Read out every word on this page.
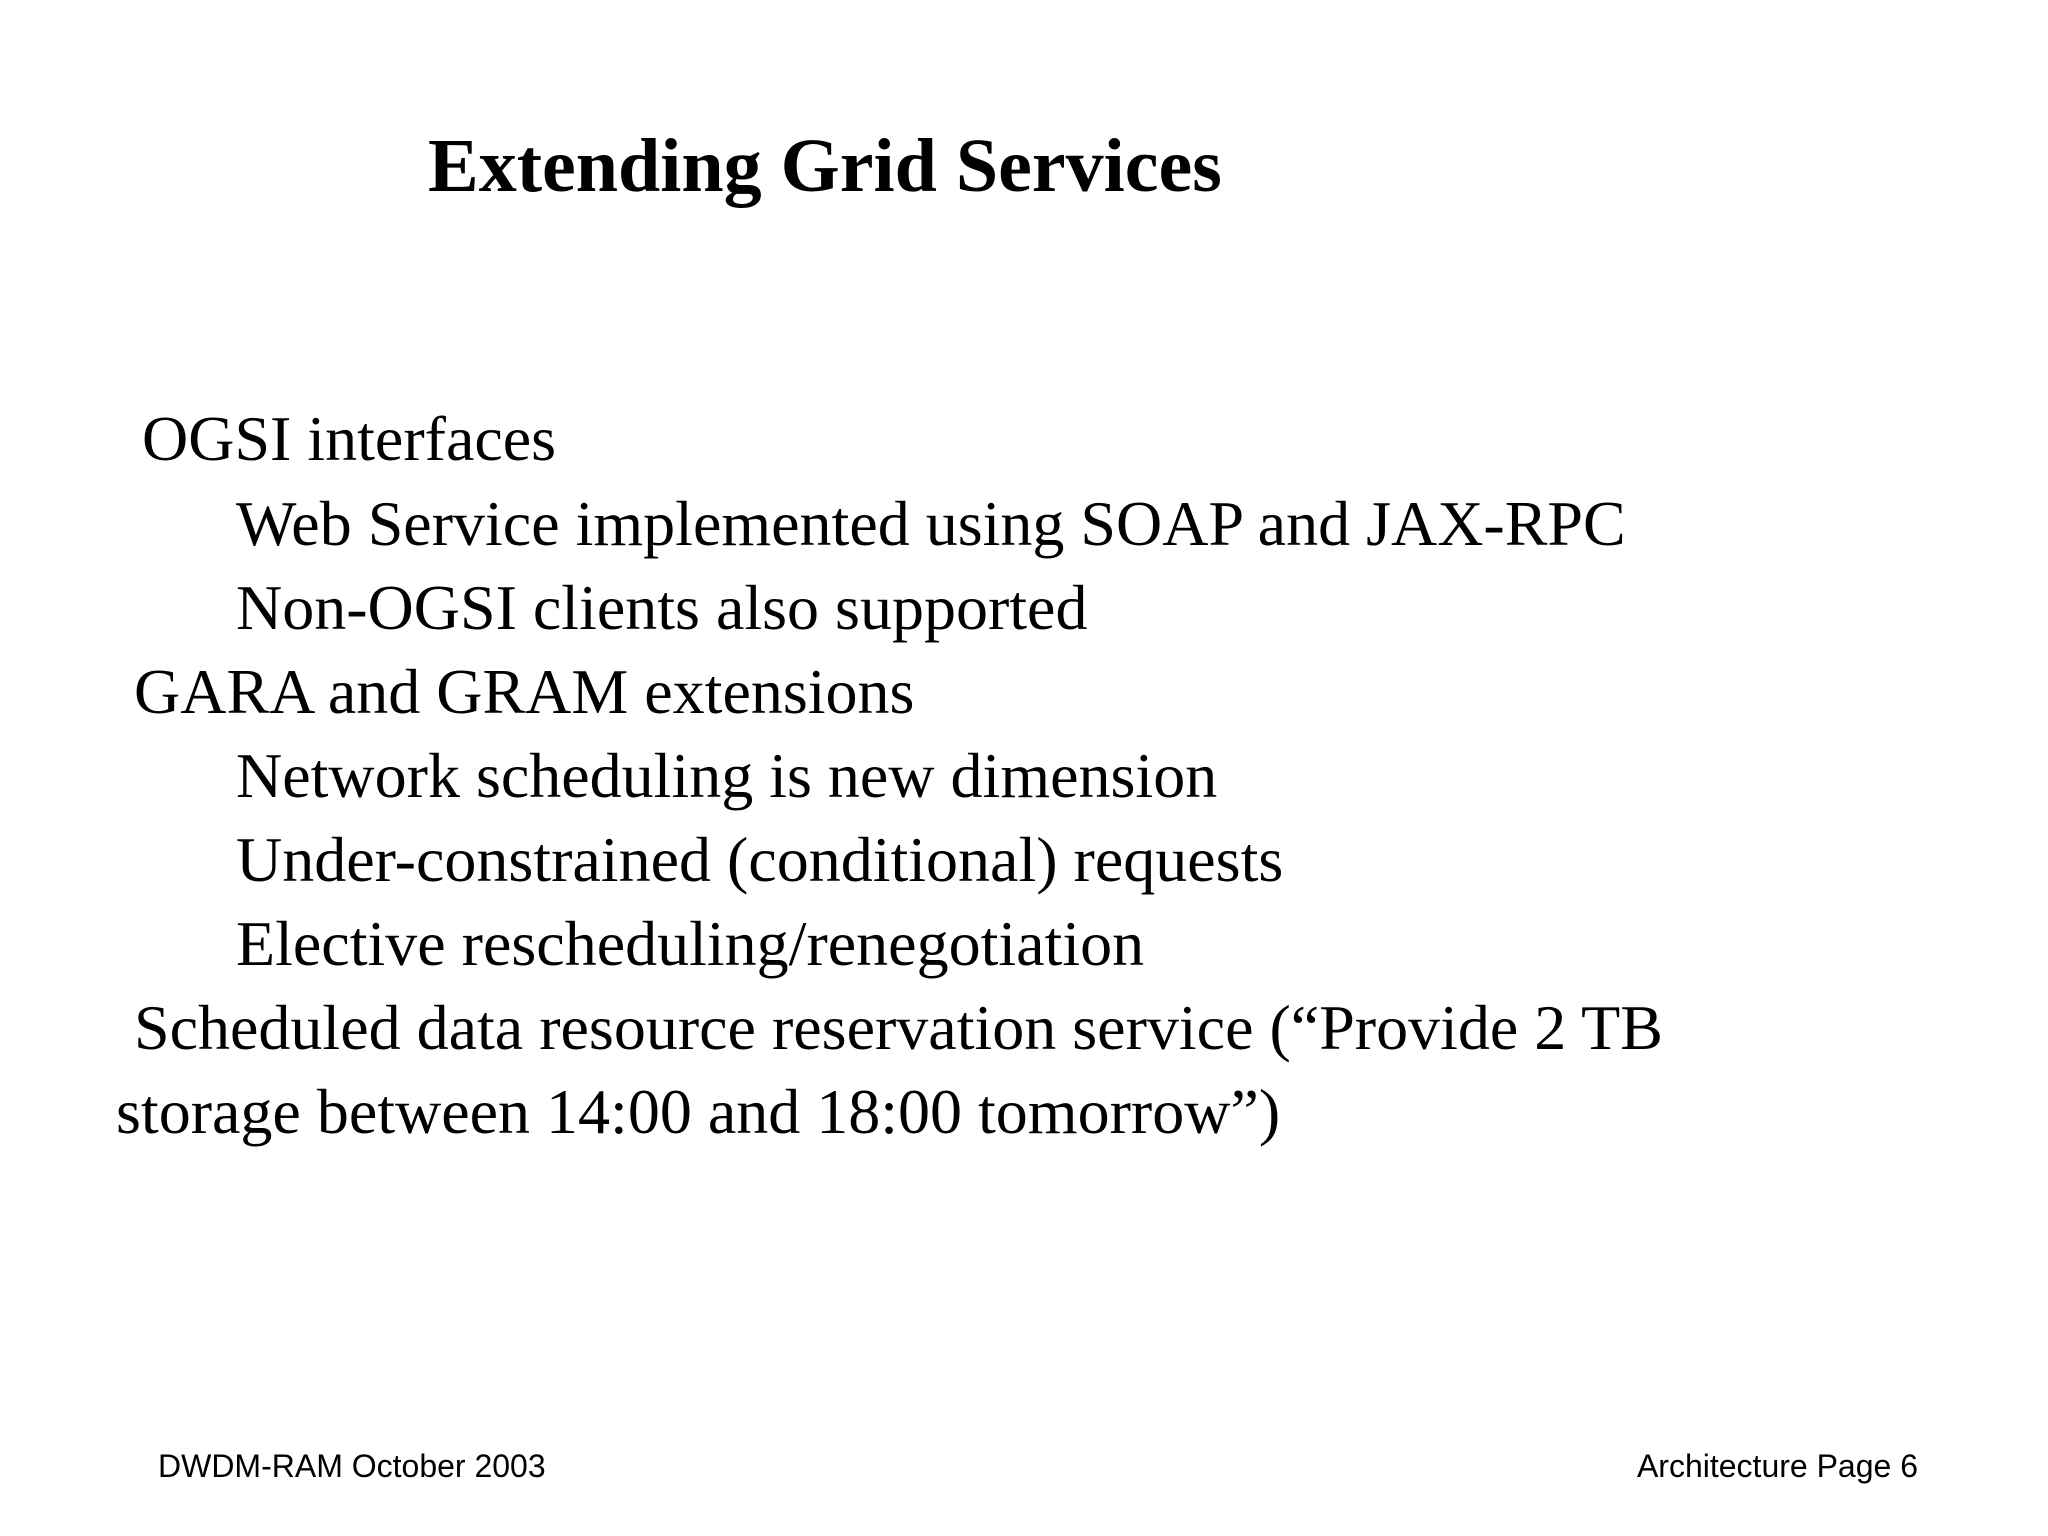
Extending Grid Services
OGSI interfaces
Web Service implemented using SOAP and JAX-RPC
Non-OGSI clients also supported
GARA and GRAM extensions
Network scheduling is new dimension
Under-constrained (conditional) requests
Elective rescheduling/renegotiation
Scheduled data resource reservation service (“Provide 2 TB
storage between 14:00 and 18:00 tomorrow”)
DWDM-RAM October 2003	Architecture Page 6
